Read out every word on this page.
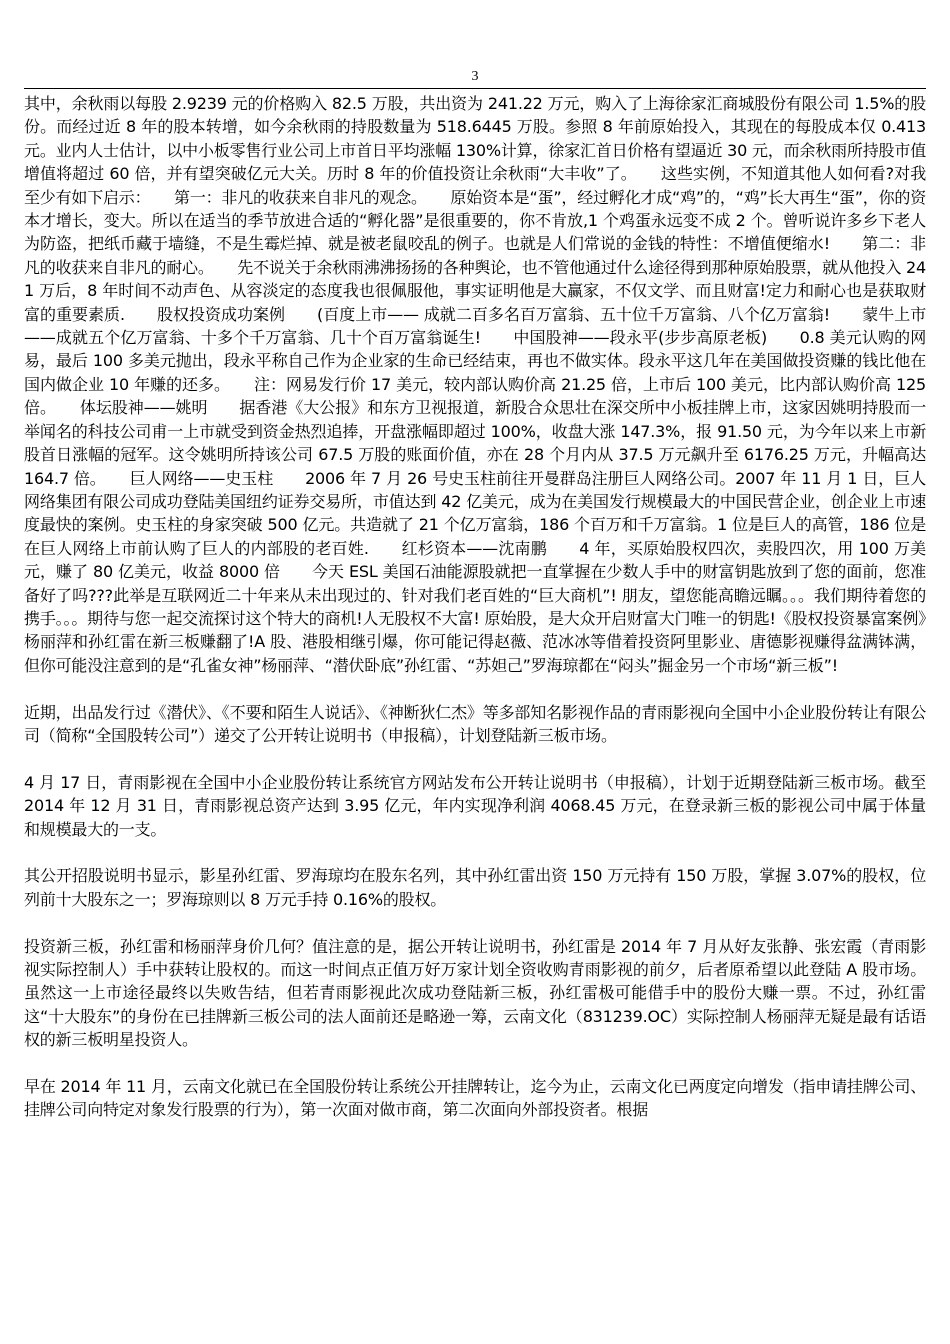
3

其中，余秋雨以每股 2.9239 元的价格购入 82.5 万股，共出资为 241.22 万元，购入了上海徐家汇商城股份有限公司 1.5%的股份。而经过近 8 年的股本转增，如今余秋雨的持股数量为 518.6445 万股。参照 8 年前原始投入，其现在的每股成本仅 0.413 元。业内人士估计，以中小板零售行业公司上市首日平均涨幅 130%计算，徐家汇首日价格有望逼近 30 元，而余秋雨所持股市值增值将超过 60 倍，并有望突破亿元大关。历时 8 年的价值投资让余秋雨“大丰收”了。　　这些实例，不知道其他人如何看?对我至少有如下启示：　　第一：非凡的收获来自非凡的观念。　　原始资本是“蛋”，经过孵化才成“鸡”的，“鸡”长大再生“蛋”，你的资本才增长，变大。所以在适当的季节放进合适的“孵化器”是很重要的，你不肯放,1 个鸡蛋永远变不成 2 个。曾听说许多乡下老人为防盗，把纸币藏于墙缝，不是生霉烂掉、就是被老鼠咬乱的例子。也就是人们常说的金钱的特性：不增值便缩水!　　第二：非凡的收获来自非凡的耐心。　　先不说关于余秋雨沸沸扬扬的各种舆论，也不管他通过什么途径得到那种原始股票，就从他投入 241 万后，8 年时间不动声色、从容淡定的态度我也很佩服他，事实证明他是大赢家，不仅文学、而且财富!定力和耐心也是获取财富的重要素质.　　股权投资成功案例　　(百度上市—— 成就二百多名百万富翁、五十位千万富翁、八个亿万富翁!　　蒙牛上市——成就五个亿万富翁、十多个千万富翁、几十个百万富翁诞生!　　中国股神——段永平(步步高原老板)　　0.8 美元认购的网易，最后 100 多美元抛出，段永平称自己作为企业家的生命已经结束，再也不做实体。段永平这几年在美国做投资赚的钱比他在国内做企业 10 年赚的还多。　　注：网易发行价 17 美元，较内部认购价高 21.25 倍，上市后 100 美元，比内部认购价高 125 倍。　　体坛股神——姚明　　据香港《大公报》和东方卫视报道，新股合众思壮在深交所中小板挂牌上市，这家因姚明持股而一举闻名的科技公司甫一上市就受到资金热烈追捧，开盘涨幅即超过 100%，收盘大涨 147.3%，报 91.50 元，为今年以来上市新股首日涨幅的冠军。这令姚明所持该公司 67.5 万股的账面价值，亦在 28 个月内从 37.5 万元飙升至 6176.25 万元，升幅高达 164.7 倍。　　巨人网络——史玉柱　　2006 年 7 月 26 号史玉柱前往开曼群岛注册巨人网络公司。2007 年 11 月 1 日，巨人网络集团有限公司成功登陆美国纽约证券交易所，市值达到 42 亿美元，成为在美国发行规模最大的中国民营企业，创企业上市速度最快的案例。史玉柱的身家突破 500 亿元。共造就了 21 个亿万富翁，186 个百万和千万富翁。1 位是巨人的高管，186 位是在巨人网络上市前认购了巨人的内部股的老百姓.　　红杉资本——沈南鹏　　4 年，买原始股权四次，卖股四次，用 100 万美元，赚了 80 亿美元，收益 8000 倍　　今天 ESL 美国石油能源股就把一直掌握在少数人手中的财富钥匙放到了您的面前，您准备好了吗???此举是互联网近二十年来从未出现过的、针对我们老百姓的“巨大商机”! 朋友，望您能高瞻远瞩。。。我们期待着您的携手。。。期待与您一起交流探讨这个特大的商机!人无股权不大富! 原始股，是大众开启财富大门唯一的钥匙!《股权投资暴富案例》杨丽萍和孙红雷在新三板赚翻了!A 股、港股相继引爆，你可能记得赵薇、范冰冰等借着投资阿里影业、唐德影视赚得盆满钵满，但你可能没注意到的是“孔雀女神”杨丽萍、“潜伏卧底”孙红雷、“苏妲己”罗海琼都在“闷头”掘金另一个市场“新三板”!

近期，出品发行过《潜伏》、《不要和陌生人说话》、《神断狄仁杰》等多部知名影视作品的青雨影视向全国中小企业股份转让有限公司（简称“全国股转公司”）递交了公开转让说明书（申报稿），计划登陆新三板市场。

4 月 17 日，青雨影视在全国中小企业股份转让系统官方网站发布公开转让说明书（申报稿），计划于近期登陆新三板市场。截至 2014 年 12 月 31 日，青雨影视总资产达到 3.95 亿元，年内实现净利润 4068.45 万元，在登录新三板的影视公司中属于体量和规模最大的一支。

其公开招股说明书显示，影星孙红雷、罗海琼均在股东名列，其中孙红雷出资 150 万元持有 150 万股，掌握 3.07%的股权，位列前十大股东之一；罗海琼则以 8 万元手持 0.16%的股权。

投资新三板，孙红雷和杨丽萍身价几何？值注意的是，据公开转让说明书，孙红雷是 2014 年 7 月从好友张静、张宏霞（青雨影视实际控制人）手中获转让股权的。而这一时间点正值万好万家计划全资收购青雨影视的前夕，后者原希望以此登陆 A 股市场。虽然这一上市途径最终以失败告结，但若青雨影视此次成功登陆新三板，孙红雷极可能借手中的股份大赚一票。不过，孙红雷这“十大股东”的身份在已挂牌新三板公司的法人面前还是略逊一筹，云南文化（831239.OC）实际控制人杨丽萍无疑是最有话语权的新三板明星投资人。

早在 2014 年 11 月，云南文化就已在全国股份转让系统公开挂牌转让，迄今为止，云南文化已两度定向增发（指申请挂牌公司、挂牌公司向特定对象发行股票的行为），第一次面对做市商，第二次面向外部投资者。根据
